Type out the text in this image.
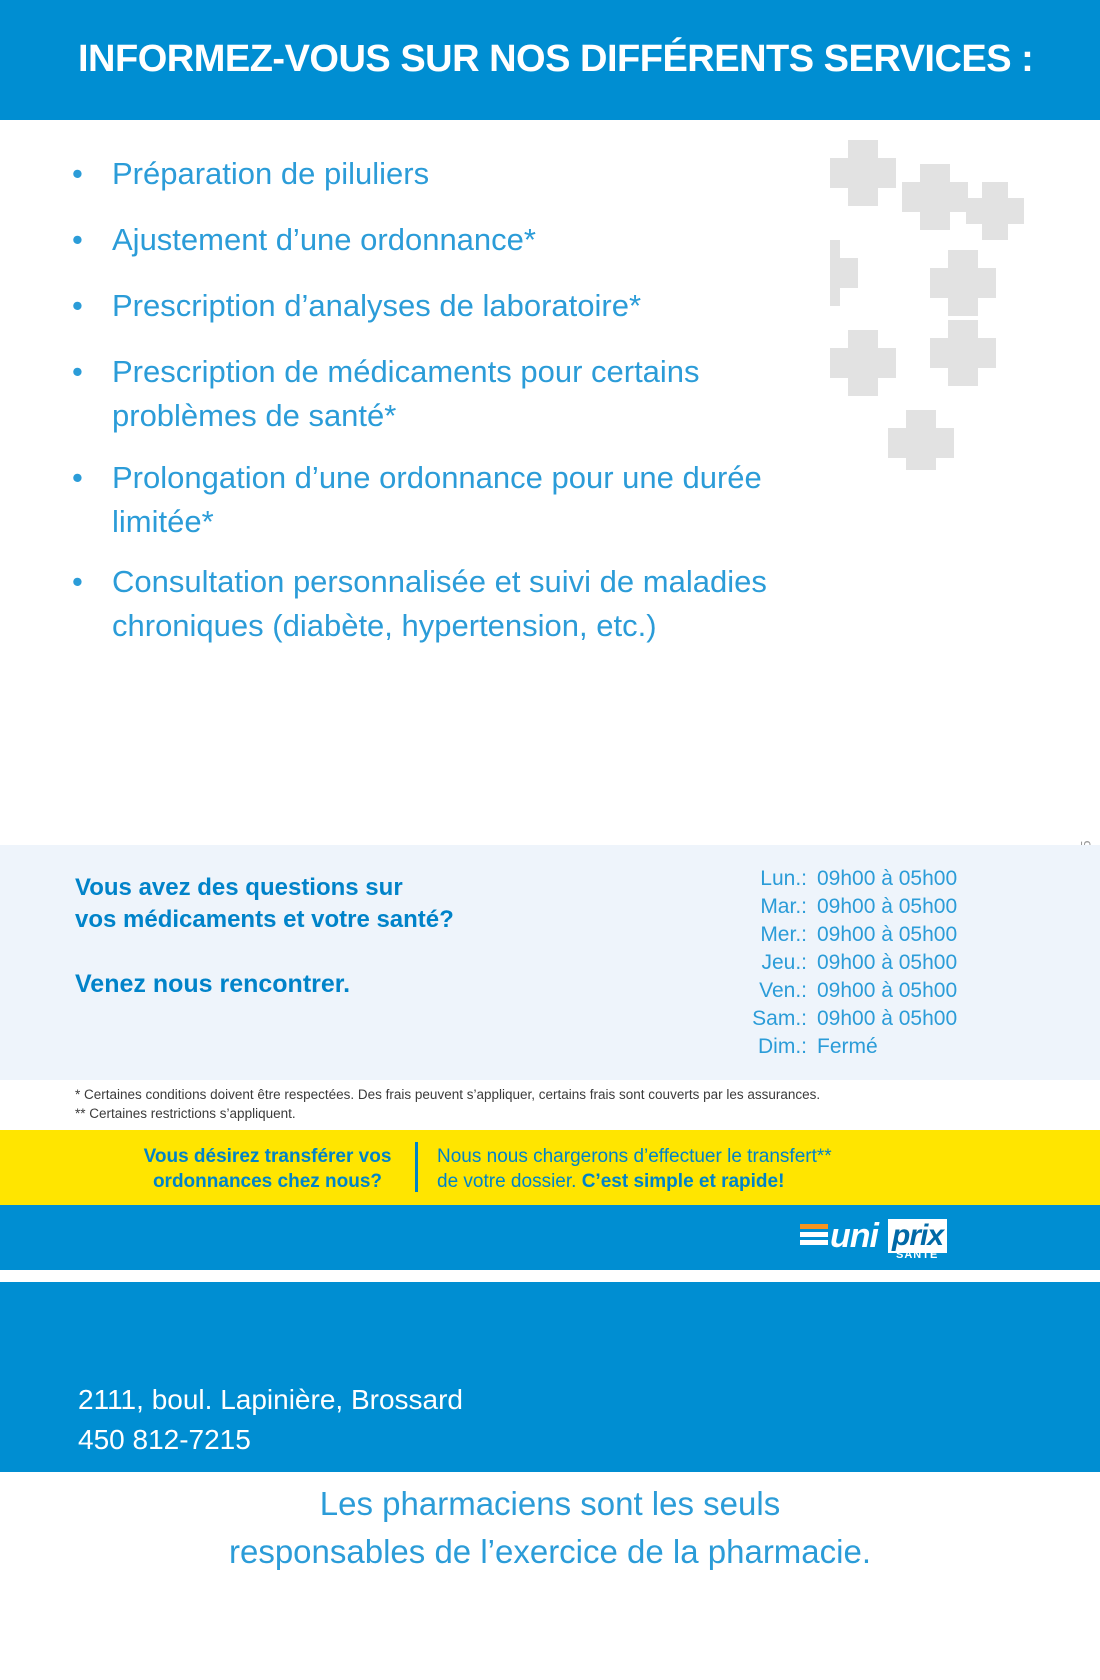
INFORMEZ-VOUS SUR NOS DIFFÉRENTS SERVICES :
• Préparation de piluliers
• Ajustement d’une ordonnance*
• Prescription d’analyses de laboratoire*
• Prescription de médicaments pour certains problèmes de santé*
• Prolongation d’une ordonnance pour une durée limitée*
• Consultation personnalisée et suivi de maladies chroniques (diabète, hypertension, etc.)
Vous avez des questions sur
vos médicaments et votre santé?
Venez nous rencontrer.
Lun.: 09h00 à 05h00
Mar.: 09h00 à 05h00
Mer.: 09h00 à 05h00
Jeu.: 09h00 à 05h00
Ven.: 09h00 à 05h00
Sam.: 09h00 à 05h00
Dim.: Fermé
* Certaines conditions doivent être respectées. Des frais peuvent s’appliquer, certains frais sont couverts par les assurances.
** Certaines restrictions s’appliquent.
Vous désirez transférer vos
ordonnances chez nous?
Nous nous chargerons d’effectuer le transfert**
de votre dossier. C’est simple et rapide!
uni prix
SANTÉ
2111, boul. Lapinière, Brossard
450 812-7215
Les pharmaciens sont les seuls
responsables de l’exercice de la pharmacie.
